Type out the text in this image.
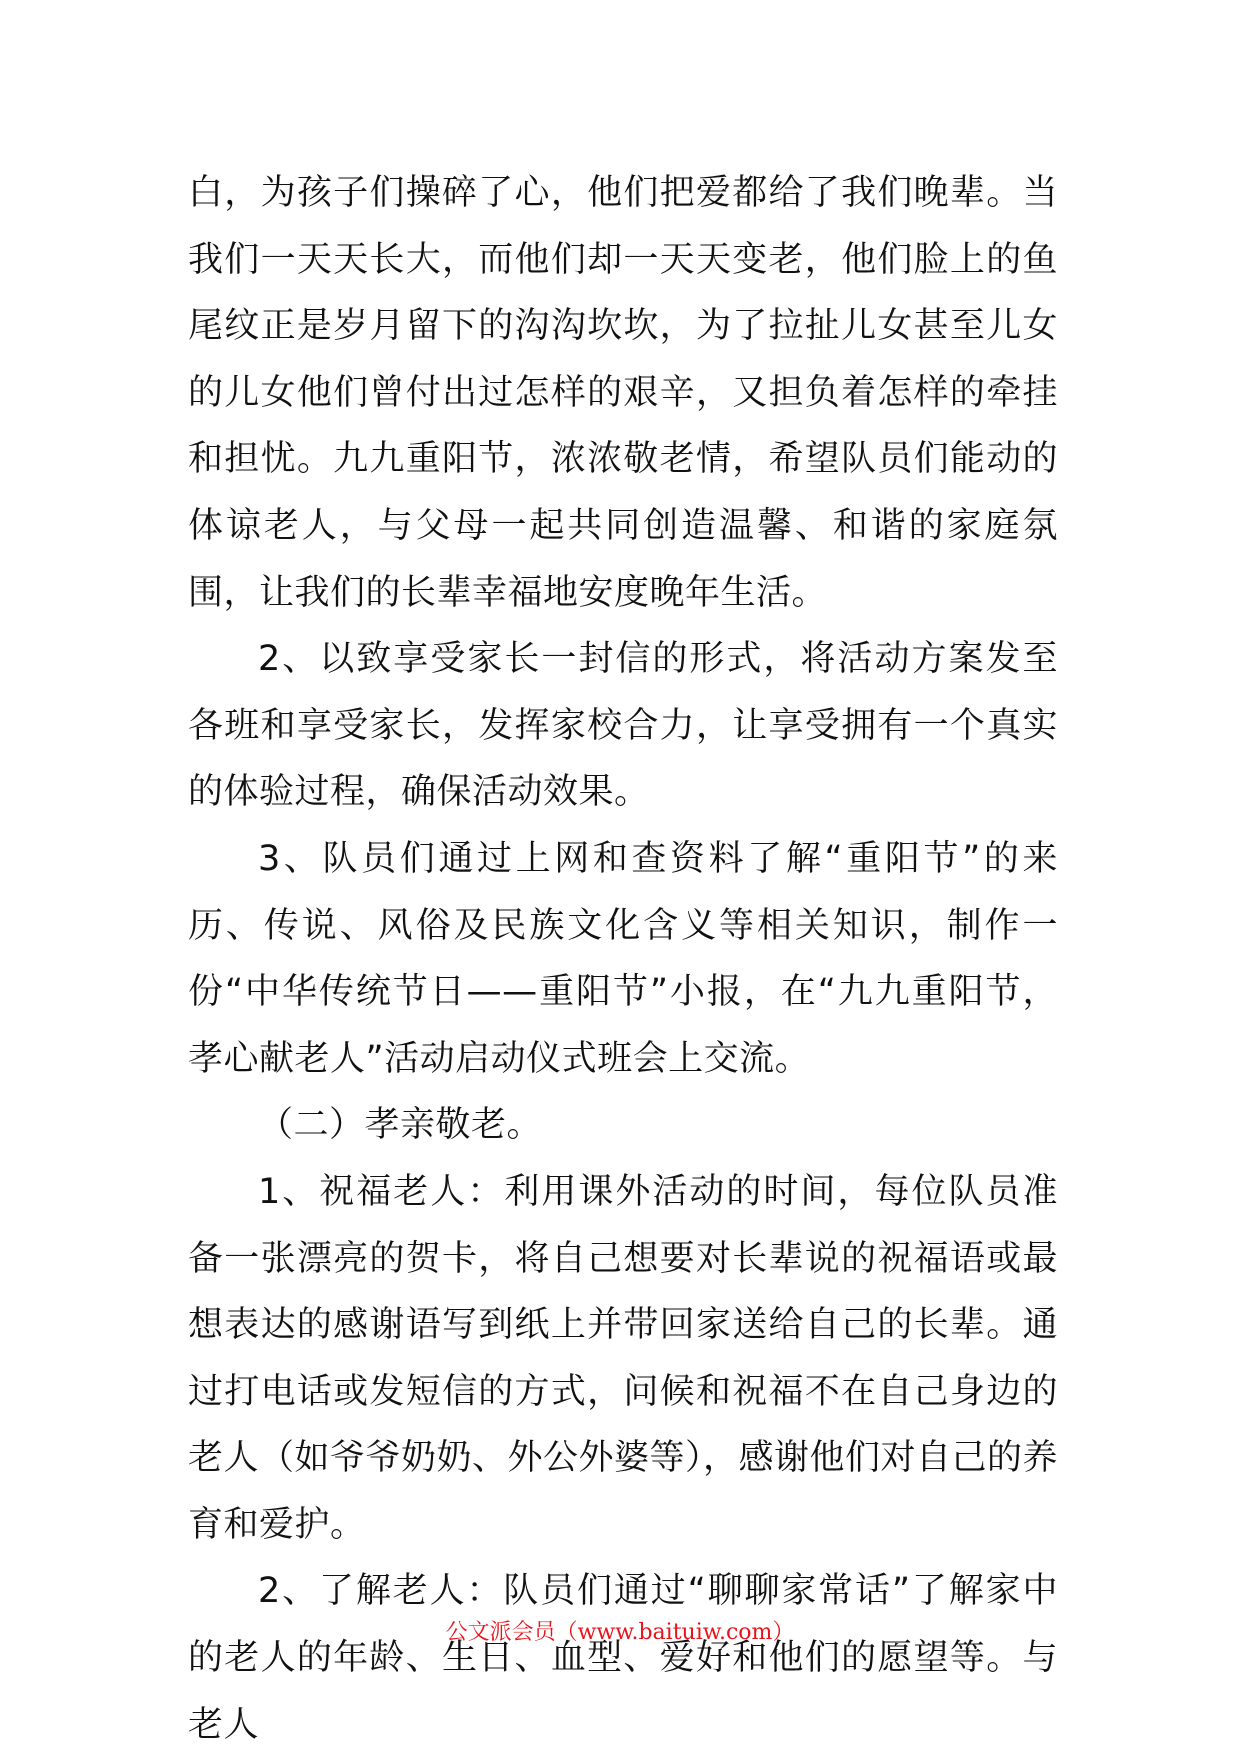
白，为孩子们操碎了心，他们把爱都给了我们晚辈。当我们一天天长大，而他们却一天天变老，他们脸上的鱼尾纹正是岁月留下的沟沟坎坎，为了拉扯儿女甚至儿女的儿女他们曾付出过怎样的艰辛，又担负着怎样的牵挂和担忧。九九重阳节，浓浓敬老情，希望队员们能动的体谅老人，与父母一起共同创造温馨、和谐的家庭氛围，让我们的长辈幸福地安度晚年生活。

2、以致享受家长一封信的形式，将活动方案发至各班和享受家长，发挥家校合力，让享受拥有一个真实的体验过程，确保活动效果。

3、队员们通过上网和查资料了解“重阳节”的来历、传说、风俗及民族文化含义等相关知识，制作一份“中华传统节日——重阳节”小报，在“九九重阳节，孝心献老人”活动启动仪式班会上交流。

（二）孝亲敬老。

1、祝福老人：利用课外活动的时间，每位队员准备一张漂亮的贺卡，将自己想要对长辈说的祝福语或最想表达的感谢语写到纸上并带回家送给自己的长辈。通过打电话或发短信的方式，问候和祝福不在自己身边的老人（如爷爷奶奶、外公外婆等），感谢他们对自己的养育和爱护。

2、了解老人：队员们通过“聊聊家常话”了解家中的老人的年龄、生日、血型、爱好和他们的愿望等。与老人

公文派会员（www.baituiw.com）
